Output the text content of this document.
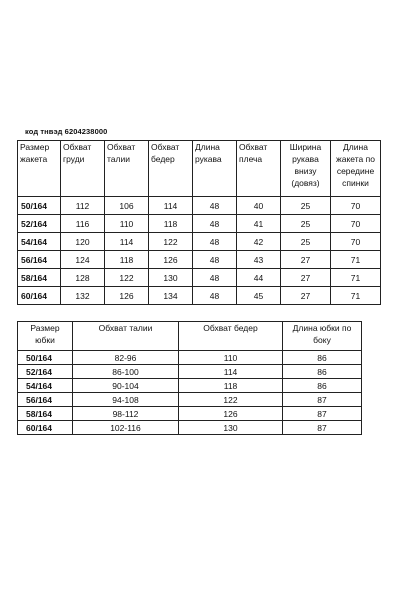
код тнвэд 6204238000
Размер жакета	Обхват груди	Обхват талии	Обхват бедер	Длина рукава	Обхват плеча	Ширина рукава внизу (довяз)	Длина жакета по середине спинки
50/164	112	106	114	48	40	25	70
52/164	116	110	118	48	41	25	70
54/164	120	114	122	48	42	25	70
56/164	124	118	126	48	43	27	71
58/164	128	122	130	48	44	27	71
60/164	132	126	134	48	45	27	71
Размер юбки	Обхват талии	Обхват бедер	Длина юбки по боку
50/164	82-96	110	86
52/164	86-100	114	86
54/164	90-104	118	86
56/164	94-108	122	87
58/164	98-112	126	87
60/164	102-116	130	87
